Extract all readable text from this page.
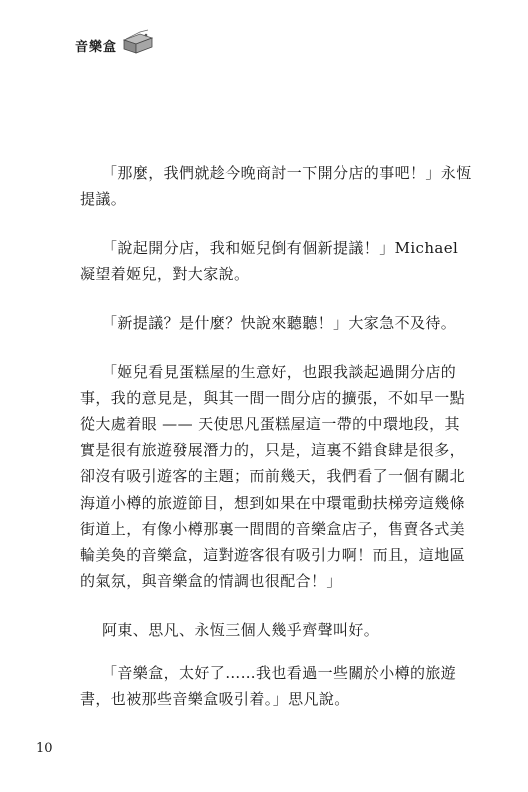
音樂盒

「那麼，我們就趁今晚商討一下開分店的事吧！」永恆提議。

「說起開分店，我和姬兒倒有個新提議！」Michael 凝望着姬兒，對大家說。

「新提議？是什麼？快說來聽聽！」大家急不及待。

「姬兒看見蛋糕屋的生意好，也跟我談起過開分店的事，我的意見是，與其一間一間分店的擴張，不如早一點從大處着眼 —— 天使思凡蛋糕屋這一帶的中環地段，其實是很有旅遊發展潛力的，只是，這裏不錯食肆是很多，卻沒有吸引遊客的主題；而前幾天，我們看了一個有關北海道小樽的旅遊節目，想到如果在中環電動扶梯旁這幾條街道上，有像小樽那裏一間間的音樂盒店子，售賣各式美輪美奐的音樂盒，這對遊客很有吸引力啊！而且，這地區的氣氛，與音樂盒的情調也很配合！」

阿東、思凡、永恆三個人幾乎齊聲叫好。

「音樂盒，太好了……我也看過一些關於小樽的旅遊書，也被那些音樂盒吸引着。」思凡說。

10
